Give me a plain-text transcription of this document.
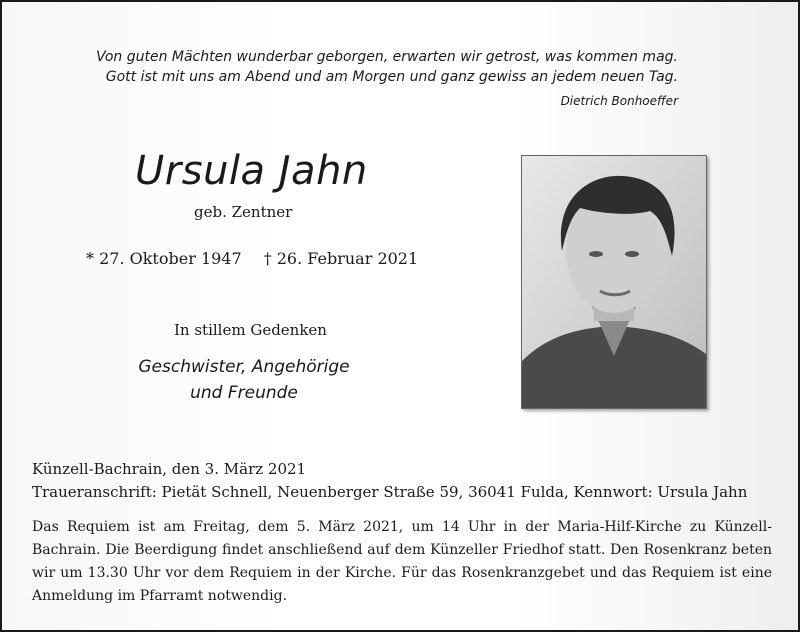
Von guten Mächten wunderbar geborgen, erwarten wir getrost, was kommen mag.
Gott ist mit uns am Abend und am Morgen und ganz gewiss an jedem neuen Tag.
Dietrich Bonhoeffer
Ursula Jahn
geb. Zentner
* 27. Oktober 1947 † 26. Februar 2021
In stillem Gedenken
Geschwister, Angehörige
und Freunde
Künzell-Bachrain, den 3. März 2021
Traueranschrift: Pietät Schnell, Neuenberger Straße 59, 36041 Fulda, Kennwort: Ursula Jahn
Das Requiem ist am Freitag, dem 5. März 2021, um 14 Uhr in der Maria-Hilf-Kirche zu Künzell-Bachrain. Die Beerdigung findet anschließend auf dem Künzeller Friedhof statt. Den Rosenkranz beten wir um 13.30 Uhr vor dem Requiem in der Kirche. Für das Rosenkranzgebet und das Requiem ist eine Anmeldung im Pfarramt notwendig.
